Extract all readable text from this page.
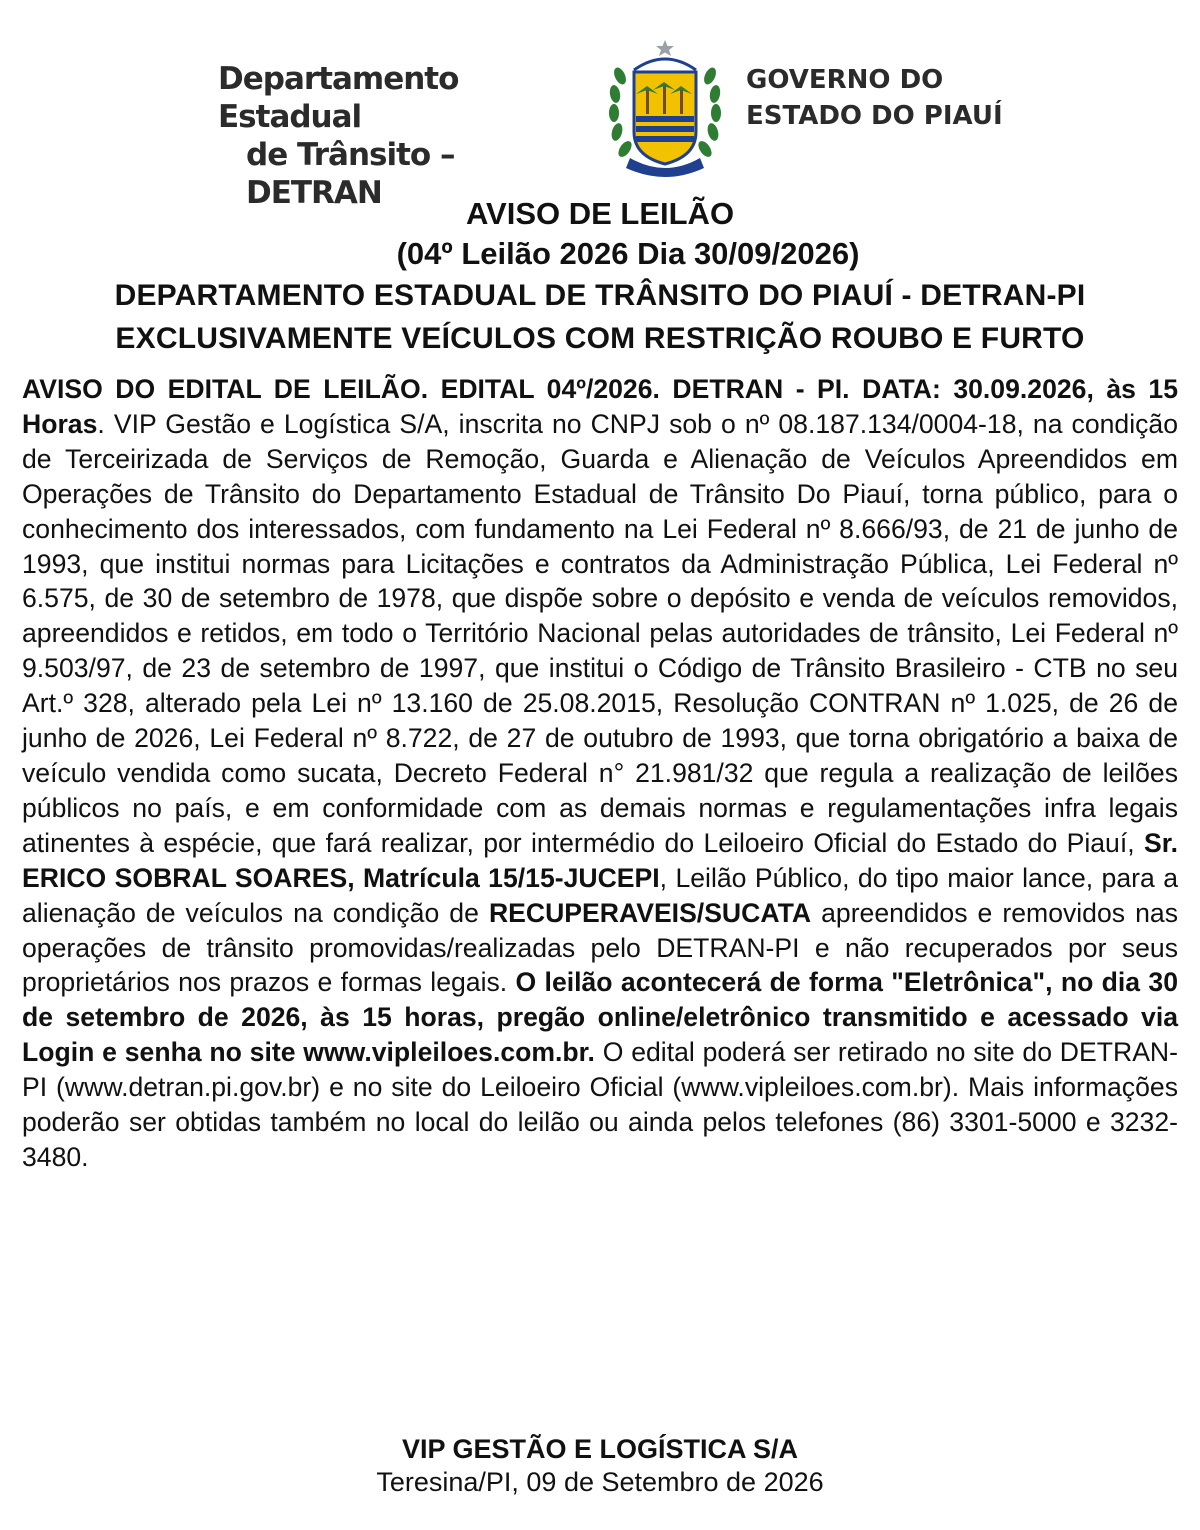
Departamento Estadual
de Trânsito – DETRAN
GOVERNO DO
ESTADO DO PIAUÍ
AVISO DE LEILÃO
(04º Leilão 2026 Dia 30/09/2026)
DEPARTAMENTO ESTADUAL DE TRÂNSITO DO PIAUÍ - DETRAN-PI
EXCLUSIVAMENTE VEÍCULOS COM RESTRIÇÃO ROUBO E FURTO
AVISO DO EDITAL DE LEILÃO. EDITAL 04º/2026. DETRAN - PI. DATA: 30.09.2026, às 15 Horas. VIP Gestão e Logística S/A, inscrita no CNPJ sob o nº 08.187.134/0004-18, na condição de Terceirizada de Serviços de Remoção, Guarda e Alienação de Veículos Apreendidos em Operações de Trânsito do Departamento Estadual de Trânsito Do Piauí, torna público, para o conhecimento dos interessados, com fundamento na Lei Federal nº 8.666/93, de 21 de junho de 1993, que institui normas para Licitações e contratos da Administração Pública, Lei Federal nº 6.575, de 30 de setembro de 1978, que dispõe sobre o depósito e venda de veículos removidos, apreendidos e retidos, em todo o Território Nacional pelas autoridades de trânsito, Lei Federal nº 9.503/97, de 23 de setembro de 1997, que institui o Código de Trânsito Brasileiro - CTB no seu Art.º 328, alterado pela Lei nº 13.160 de 25.08.2015, Resolução CONTRAN nº 1.025, de 26 de junho de 2026, Lei Federal nº 8.722, de 27 de outubro de 1993, que torna obrigatório a baixa de veículo vendida como sucata, Decreto Federal n° 21.981/32 que regula a realização de leilões públicos no país, e em conformidade com as demais normas e regulamentações infra legais atinentes à espécie, que fará realizar, por intermédio do Leiloeiro Oficial do Estado do Piauí, Sr. ERICO SOBRAL SOARES, Matrícula 15/15-JUCEPI, Leilão Público, do tipo maior lance, para a alienação de veículos na condição de RECUPERAVEIS/SUCATA apreendidos e removidos nas operações de trânsito promovidas/realizadas pelo DETRAN-PI e não recuperados por seus proprietários nos prazos e formas legais. O leilão acontecerá de forma "Eletrônica", no dia 30 de setembro de 2026, às 15 horas, pregão online/eletrônico transmitido e acessado via Login e senha no site www.vipleiloes.com.br. O edital poderá ser retirado no site do DETRAN-PI (www.detran.pi.gov.br) e no site do Leiloeiro Oficial (www.vipleiloes.com.br). Mais informações poderão ser obtidas também no local do leilão ou ainda pelos telefones (86) 3301-5000 e 3232-3480.
VIP GESTÃO E LOGÍSTICA S/A
Teresina/PI, 09 de Setembro de 2026
